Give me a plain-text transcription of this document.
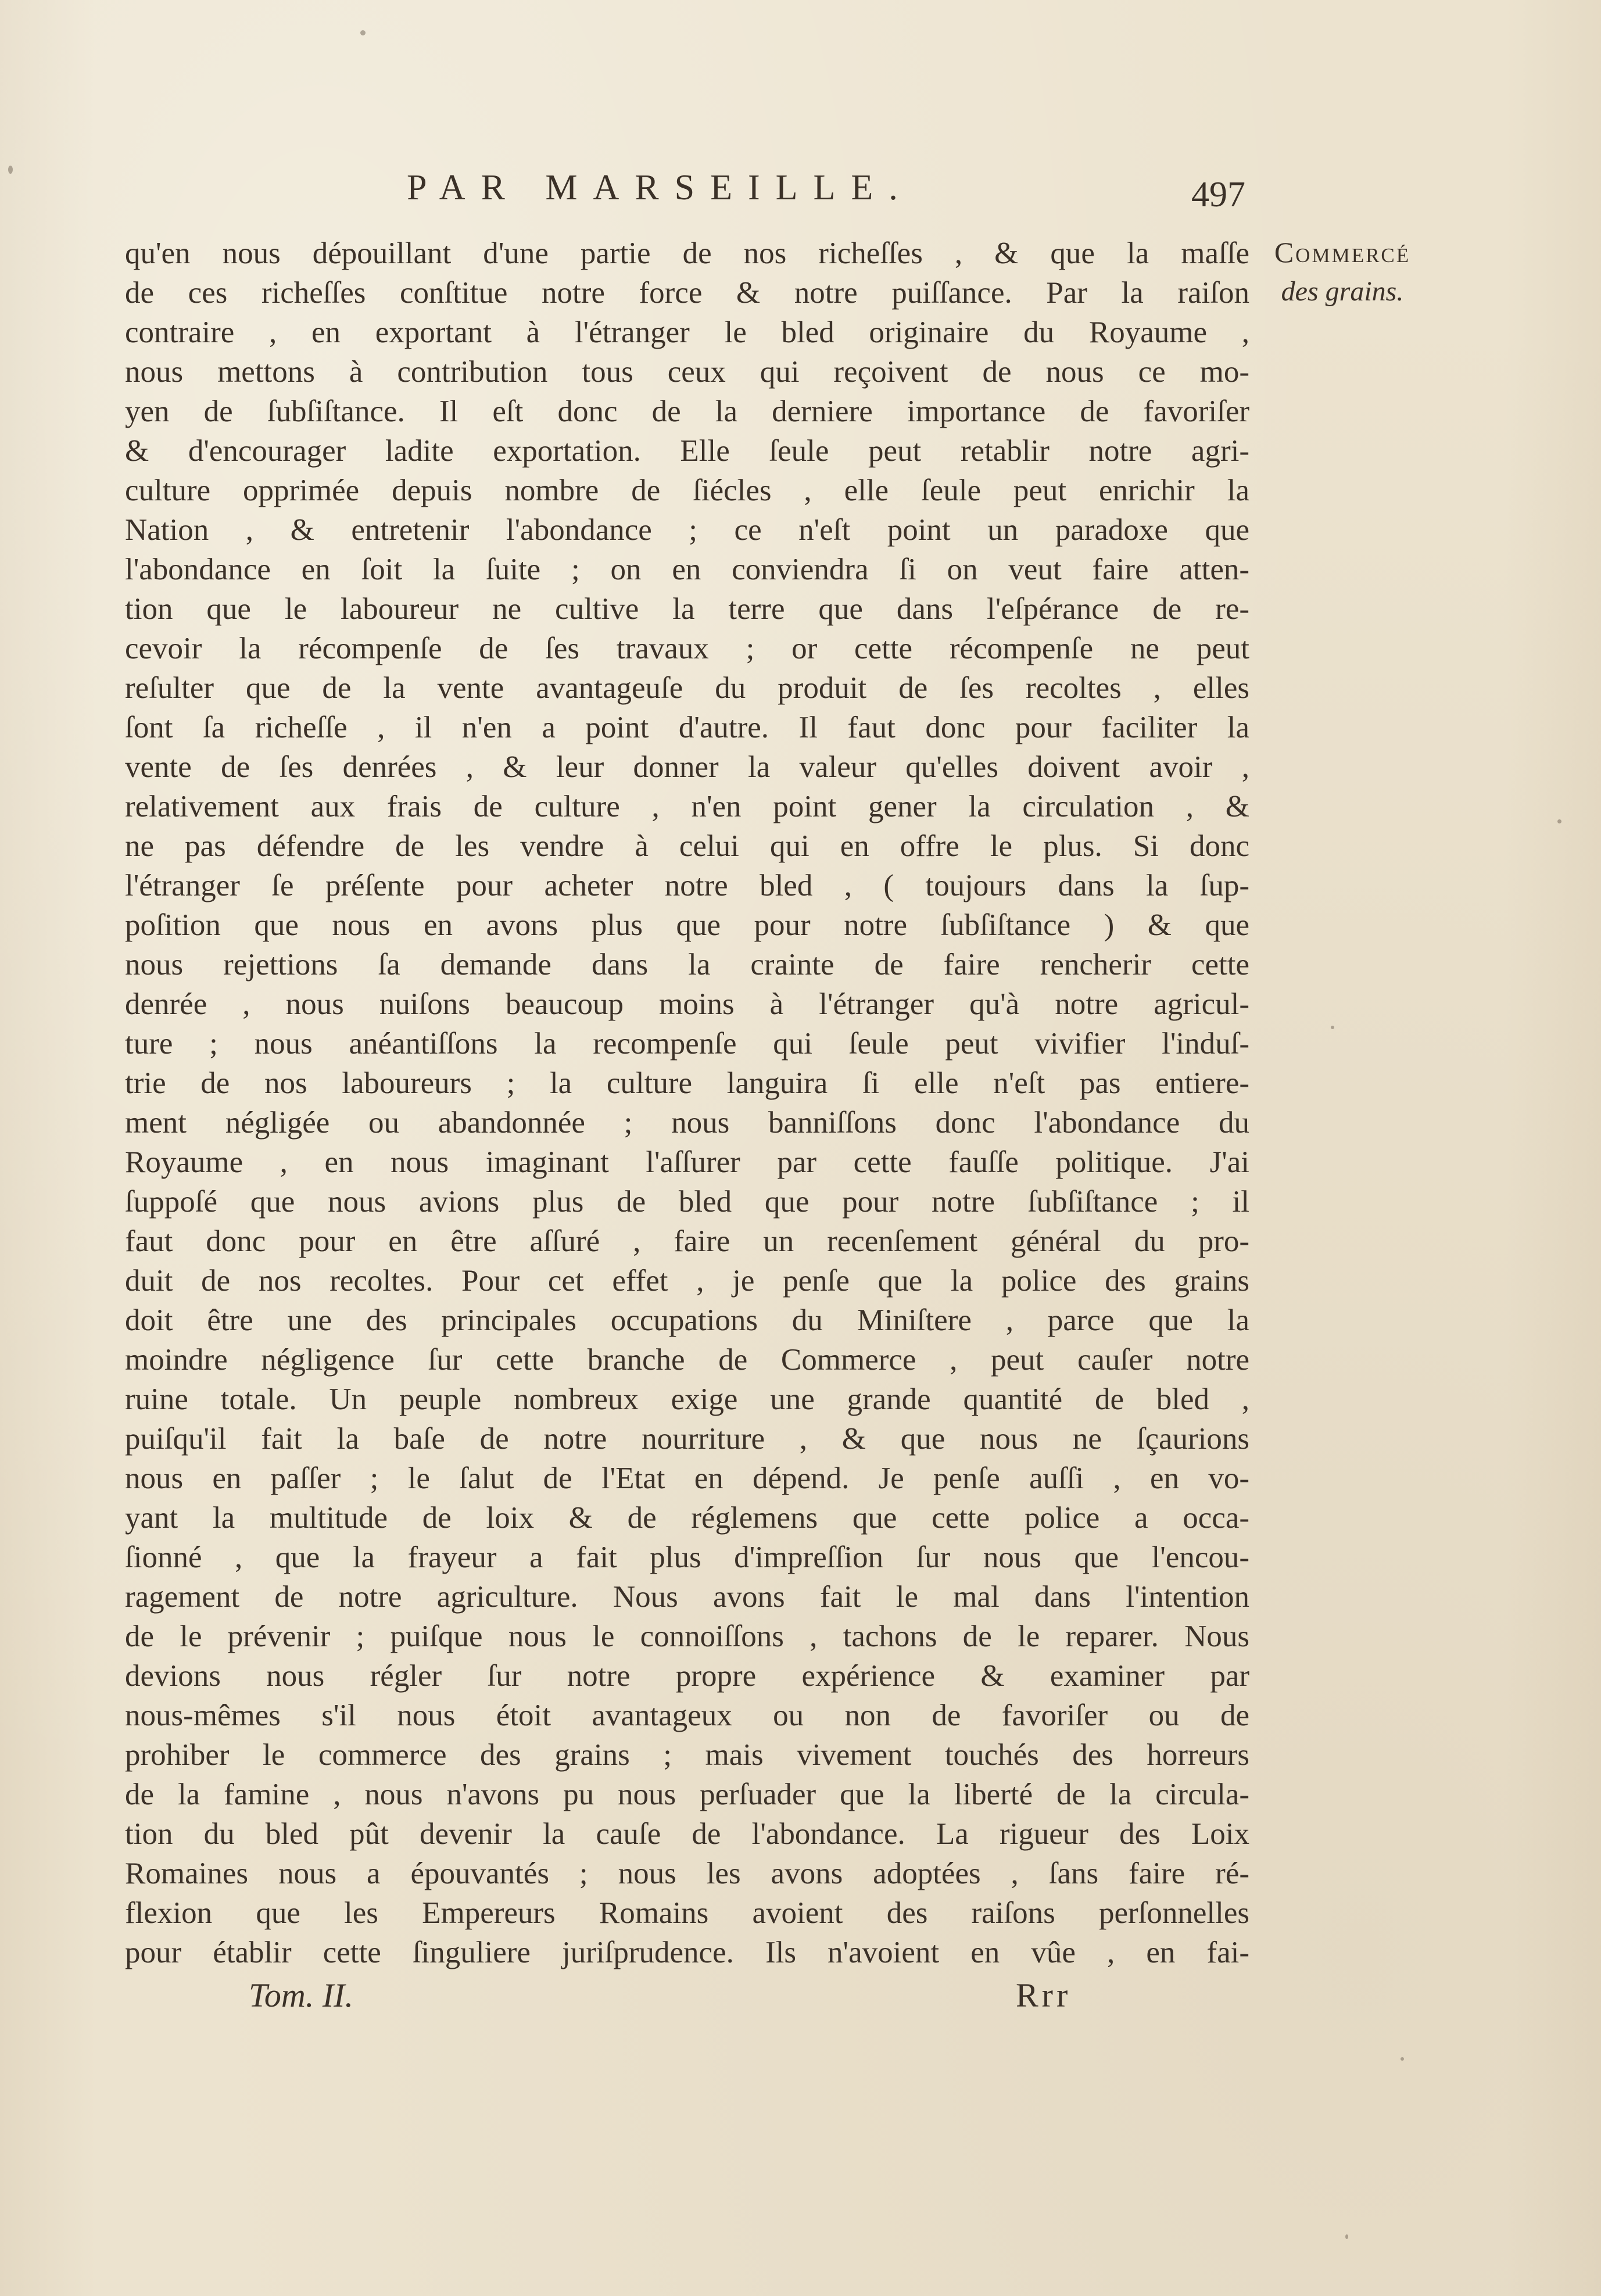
PAR MARSEILLE.	497
Commercé
des grains.
qu'en nous dépouillant d'une partie de nos richeſſes , & que la maſſe
de ces richeſſes conſtitue notre force & notre puiſſance. Par la raiſon
contraire , en exportant à l'étranger le bled originaire du Royaume ,
nous mettons à contribution tous ceux qui reçoivent de nous ce mo-
yen de ſubſiſtance. Il eſt donc de la derniere importance de favoriſer
& d'encourager ladite exportation. Elle ſeule peut retablir notre agri-
culture opprimée depuis nombre de ſiécles , elle ſeule peut enrichir la
Nation , & entretenir l'abondance ; ce n'eſt point un paradoxe que
l'abondance en ſoit la ſuite ; on en conviendra ſi on veut faire atten-
tion que le laboureur ne cultive la terre que dans l'eſpérance de re-
cevoir la récompenſe de ſes travaux ; or cette récompenſe ne peut
reſulter que de la vente avantageuſe du produit de ſes recoltes , elles
ſont ſa richeſſe , il n'en a point d'autre. Il faut donc pour faciliter la
vente de ſes denrées , & leur donner la valeur qu'elles doivent avoir ,
relativement aux frais de culture , n'en point gener la circulation , &
ne pas défendre de les vendre à celui qui en offre le plus. Si donc
l'étranger ſe préſente pour acheter notre bled , ( toujours dans la ſup-
poſition que nous en avons plus que pour notre ſubſiſtance ) & que
nous rejettions ſa demande dans la crainte de faire rencherir cette
denrée , nous nuiſons beaucoup moins à l'étranger qu'à notre agricul-
ture ; nous anéantiſſons la recompenſe qui ſeule peut vivifier l'induſ-
trie de nos laboureurs ; la culture languira ſi elle n'eſt pas entiere-
ment négligée ou abandonnée ; nous banniſſons donc l'abondance du
Royaume , en nous imaginant l'aſſurer par cette fauſſe politique. J'ai
ſuppoſé que nous avions plus de bled que pour notre ſubſiſtance ; il
faut donc pour en être aſſuré , faire un recenſement général du pro-
duit de nos recoltes. Pour cet effet , je penſe que la police des grains
doit être une des principales occupations du Miniſtere , parce que la
moindre négligence ſur cette branche de Commerce , peut cauſer notre
ruine totale. Un peuple nombreux exige une grande quantité de bled ,
puiſqu'il fait la baſe de notre nourriture , & que nous ne ſçaurions
nous en paſſer ; le ſalut de l'Etat en dépend. Je penſe auſſi , en vo-
yant la multitude de loix & de réglemens que cette police a occa-
ſionné , que la frayeur a fait plus d'impreſſion ſur nous que l'encou-
ragement de notre agriculture. Nous avons fait le mal dans l'intention
de le prévenir ; puiſque nous le connoiſſons , tachons de le reparer. Nous
devions nous régler ſur notre propre expérience & examiner par
nous-mêmes s'il nous étoit avantageux ou non de favoriſer ou de
prohiber le commerce des grains ; mais vivement touchés des horreurs
de la famine , nous n'avons pu nous perſuader que la liberté de la circula-
tion du bled pût devenir la cauſe de l'abondance. La rigueur des Loix
Romaines nous a épouvantés ; nous les avons adoptées , ſans faire ré-
flexion que les Empereurs Romains avoient des raiſons perſonnelles
pour établir cette ſinguliere juriſprudence. Ils n'avoient en vûe , en fai-
Tom. II.	Rrr
